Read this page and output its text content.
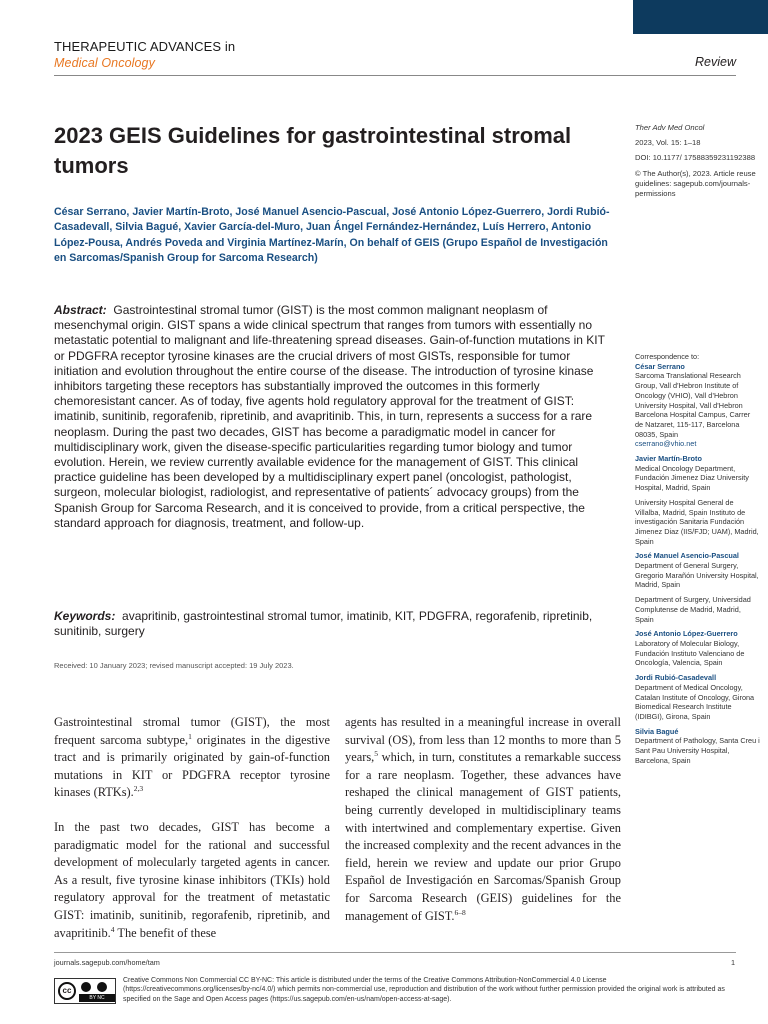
THERAPEUTIC ADVANCES in
Medical Oncology	Review
2023 GEIS Guidelines for gastrointestinal stromal tumors
César Serrano, Javier Martín-Broto, José Manuel Asencio-Pascual, José Antonio López-Guerrero, Jordi Rubió-Casadevall, Silvia Bagué, Xavier García-del-Muro, Juan Ángel Fernández-Hernández, Luís Herrero, Antonio López-Pousa, Andrés Poveda and Virginia Martínez-Marín, On behalf of GEIS (Grupo Español de Investigación en Sarcomas/Spanish Group for Sarcoma Research)

Ther Adv Med Oncol

2023, Vol. 15: 1–18

DOI: 10.1177/ 17588359231192388

© The Author(s), 2023. Article reuse guidelines: sagepub.com/journals-permissions

Abstract: Gastrointestinal stromal tumor (GIST) is the most common malignant neoplasm of mesenchymal origin. GIST spans a wide clinical spectrum that ranges from tumors with essentially no metastatic potential to malignant and life-threatening spread diseases. Gain-of-function mutations in KIT or PDGFRA receptor tyrosine kinases are the crucial drivers of most GISTs, responsible for tumor initiation and evolution throughout the entire course of the disease. The introduction of tyrosine kinase inhibitors targeting these receptors has substantially improved the outcomes in this formerly chemoresistant cancer. As of today, five agents hold regulatory approval for the treatment of GIST: imatinib, sunitinib, regorafenib, ripretinib, and avapritinib. This, in turn, represents a success for a rare neoplasm. During the past two decades, GIST has become a paradigmatic model in cancer for multidisciplinary work, given the disease-specific particularities regarding tumor biology and tumor evolution. Herein, we review currently available evidence for the management of GIST. This clinical practice guideline has been developed by a multidisciplinary expert panel (oncologist, pathologist, surgeon, molecular biologist, radiologist, and representative of patients´ advocacy groups) from the Spanish Group for Sarcoma Research, and it is conceived to provide, from a critical perspective, the standard approach for diagnosis, treatment, and follow-up.
Keywords: avapritinib, gastrointestinal stromal tumor, imatinib, KIT, PDGFRA, regorafenib, ripretinib, sunitinib, surgery
Received: 10 January 2023; revised manuscript accepted: 19 July 2023.

Correspondence to:

César Serrano

Sarcoma Translational Research Group, Vall d’Hebron Institute of Oncology (VHIO), Vall d’Hebron University Hospital, Vall d’Hebron Barcelona Hospital Campus, Carrer de Natzaret, 115-117, Barcelona 08035, Spain

cserrano@vhio.net

Javier Martín-Broto

Medical Oncology Department, Fundación Jimenez Diaz University Hospital, Madrid, Spain

University Hospital General de Villalba, Madrid, Spain Instituto de investigación Sanitaria Fundación Jimenez Diaz (IIS/FJD; UAM), Madrid, Spain

José Manuel Asencio-Pascual

Department of General Surgery, Gregorio Marañón University Hospital, Madrid, Spain

Department of Surgery, Universidad Complutense de Madrid, Madrid, Spain

José Antonio López-Guerrero

Laboratory of Molecular Biology, Fundación Instituto Valenciano de Oncología, Valencia, Spain

Jordi Rubió-Casadevall

Department of Medical Oncology, Catalan Institute of Oncology, Girona Biomedical Research Institute (IDIBGI), Girona, Spain

Silvia Bagué

Department of Pathology, Santa Creu i Sant Pau University Hospital, Barcelona, Spain

Gastrointestinal stromal tumor (GIST), the most frequent sarcoma subtype,$^1$ originates in the digestive tract and is primarily originated by gain-of-function mutations in KIT or PDGFRA receptor tyrosine kinases (RTKs).$^{2,3}$

In the past two decades, GIST has become a paradigmatic model for the rational and successful development of molecularly targeted agents in cancer. As a result, five tyrosine kinase inhibitors (TKIs) hold regulatory approval for the treatment of metastatic GIST: imatinib, sunitinib, regorafenib, ripretinib, and avapritinib.$^4$ The benefit of these

agents has resulted in a meaningful increase in overall survival (OS), from less than 12 months to more than 5 years,$^5$ which, in turn, constitutes a remarkable success for a rare neoplasm. Together, these advances have reshaped the clinical management of GIST patients, being currently developed in multidisciplinary teams with intertwined and complementary expertise. Given the increased complexity and the recent advances in the field, herein we review and update our prior Grupo Español de Investigación en Sarcomas/Spanish Group for Sarcoma Research (GEIS) guidelines for the management of GIST.$^{6-8}$

journals.sagepub.com/home/tam	1
cc
BY NC
Creative Commons Non Commercial CC BY-NC: This article is distributed under the terms of the Creative Commons Attribution-NonCommercial 4.0 License (https://creativecommons.org/licenses/by-nc/4.0/) which permits non-commercial use, reproduction and distribution of the work without further permission provided the original work is attributed as specified on the Sage and Open Access pages (https://us.sagepub.com/en-us/nam/open-access-at-sage).
